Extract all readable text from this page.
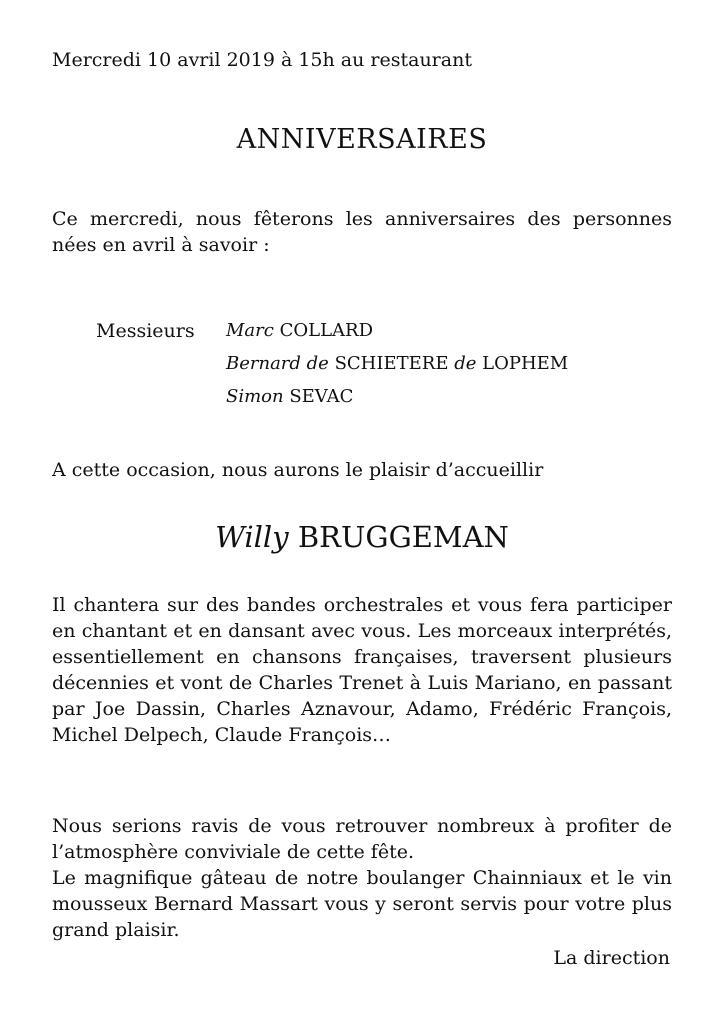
Mercredi 10 avril 2019 à 15h au restaurant

ANNIVERSAIRES

Ce mercredi, nous fêterons les anniversaires des personnes nées en avril à savoir :

Messieurs Marc COLLARD

Bernard de SCHIETERE de LOPHEM

Simon SEVAC

A cette occasion, nous aurons le plaisir d’accueillir

Willy BRUGGEMAN

Il chantera sur des bandes orchestrales et vous fera participer en chantant et en dansant avec vous. Les morceaux interprétés, essentiellement en chansons françaises, traversent plusieurs décennies et vont de Charles Trenet à Luis Mariano, en passant par Joe Dassin, Charles Aznavour, Adamo, Frédéric François, Michel Delpech, Claude François…

Nous serions ravis de vous retrouver nombreux à profiter de l’atmosphère conviviale de cette fête.
Le magnifique gâteau de notre boulanger Chainniaux et le vin mousseux Bernard Massart vous y seront servis pour votre plus grand plaisir.

La direction
